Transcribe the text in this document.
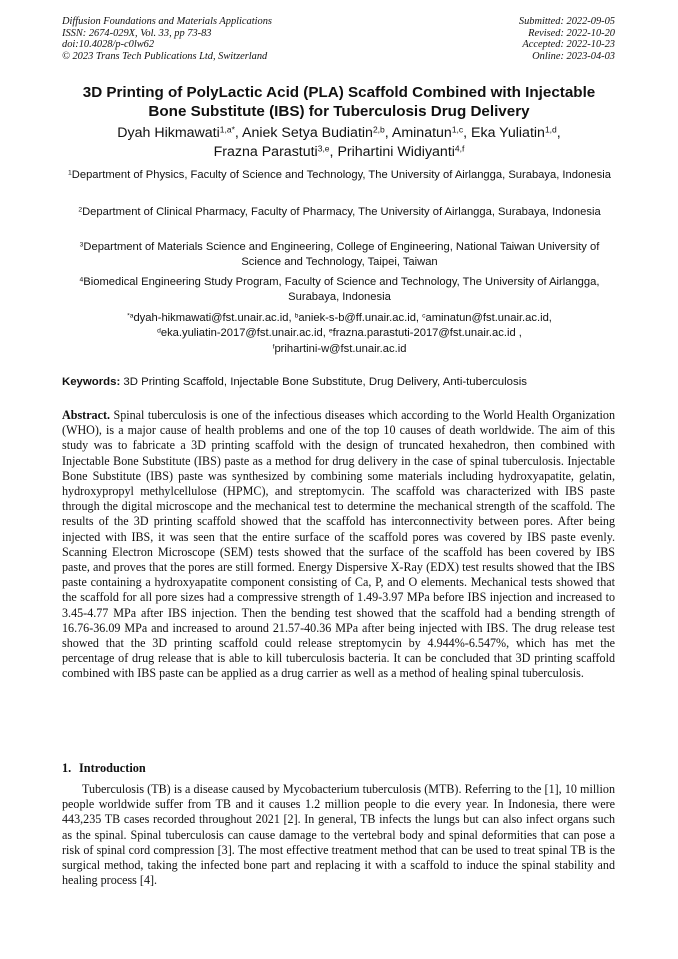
Diffusion Foundations and Materials Applications
ISSN: 2674-029X, Vol. 33, pp 73-83
doi:10.4028/p-c0lw62
© 2023 Trans Tech Publications Ltd, Switzerland
Submitted: 2022-09-05
Revised: 2022-10-20
Accepted: 2022-10-23
Online: 2023-04-03
3D Printing of PolyLactic Acid (PLA) Scaffold Combined with Injectable
Bone Substitute (IBS) for Tuberculosis Drug Delivery
Dyah Hikmawati$^{1,a*}$, Aniek Setya Budiatin$^{2,b}$, Aminatun$^{1,c}$, Eka Yuliatin$^{1,d}$,
Frazna Parastuti$^{3,e}$, Prihartini Widiyanti$^{4,f}$
$^1$Department of Physics, Faculty of Science and Technology, The University of Airlangga, Surabaya, Indonesia
$^2$Department of Clinical Pharmacy, Faculty of Pharmacy, The University of Airlangga, Surabaya, Indonesia
$^3$Department of Materials Science and Engineering, College of Engineering, National Taiwan University of Science and Technology, Taipei, Taiwan
$^4$Biomedical Engineering Study Program, Faculty of Science and Technology, The University of Airlangga, Surabaya, Indonesia
$^{*a}$dyah-hikmawati@fst.unair.ac.id, $^b$aniek-s-b@ff.unair.ac.id, $^c$aminatun@fst.unair.ac.id,
$^d$eka.yuliatin-2017@fst.unair.ac.id, $^e$frazna.parastuti-2017@fst.unair.ac.id ,
$^f$prihartini-w@fst.unair.ac.id
Keywords: 3D Printing Scaffold, Injectable Bone Substitute, Drug Delivery, Anti-tuberculosis
Abstract. Spinal tuberculosis is one of the infectious diseases which according to the World Health Organization (WHO), is a major cause of health problems and one of the top 10 causes of death worldwide. The aim of this study was to fabricate a 3D printing scaffold with the design of truncated hexahedron, then combined with Injectable Bone Substitute (IBS) paste as a method for drug delivery in the case of spinal tuberculosis. Injectable Bone Substitute (IBS) paste was synthesized by combining some materials including hydroxyapatite, gelatin, hydroxypropyl methylcellulose (HPMC), and streptomycin. The scaffold was characterized with IBS paste through the digital microscope and the mechanical test to determine the mechanical strength of the scaffold. The results of the 3D printing scaffold showed that the scaffold has interconnectivity between pores. After being injected with IBS, it was seen that the entire surface of the scaffold pores was covered by IBS paste evenly. Scanning Electron Microscope (SEM) tests showed that the surface of the scaffold has been covered by IBS paste, and proves that the pores are still formed. Energy Dispersive X-Ray (EDX) test results showed that the IBS paste containing a hydroxyapatite component consisting of Ca, P, and O elements. Mechanical tests showed that the scaffold for all pore sizes had a compressive strength of 1.49-3.97 MPa before IBS injection and increased to 3.45-4.77 MPa after IBS injection. Then the bending test showed that the scaffold had a bending strength of 16.76-36.09 MPa and increased to around 21.57-40.36 MPa after being injected with IBS. The drug release test showed that the 3D printing scaffold could release streptomycin by 4.944%-6.547%, which has met the percentage of drug release that is able to kill tuberculosis bacteria. It can be concluded that 3D printing scaffold combined with IBS paste can be applied as a drug carrier as well as a method of healing spinal tuberculosis.
1. Introduction
Tuberculosis (TB) is a disease caused by Mycobacterium tuberculosis (MTB). Referring to the [1], 10 million people worldwide suffer from TB and it causes 1.2 million people to die every year. In Indonesia, there were 443,235 TB cases recorded throughout 2021 [2]. In general, TB infects the lungs but can also infect organs such as the spinal. Spinal tuberculosis can cause damage to the vertebral body and spinal deformities that can pose a risk of spinal cord compression [3]. The most effective treatment method that can be used to treat spinal TB is the surgical method, taking the infected bone part and replacing it with a scaffold to induce the spinal stability and healing process [4].
